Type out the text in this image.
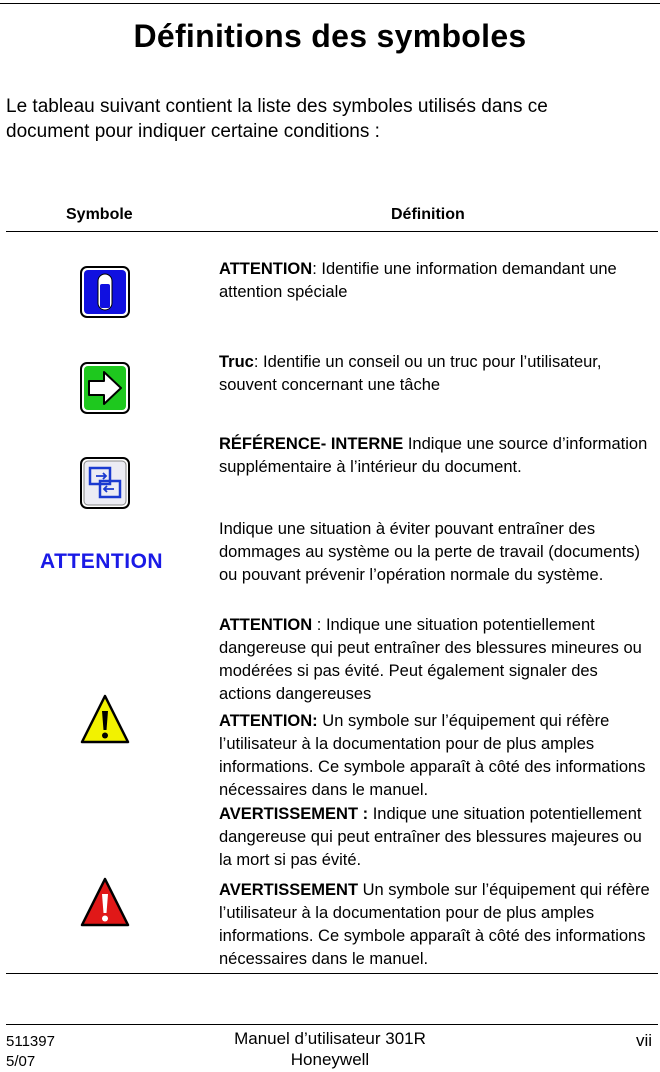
Définitions des symboles
Le tableau suivant contient la liste des symboles utilisés dans ce document pour indiquer certaine conditions :
Symbole	Définition
ATTENTION: Identifie une information demandant une attention spéciale
Truc: Identifie un conseil ou un truc pour l’utilisateur, souvent concernant une tâche
RÉFÉRENCE- INTERNE Indique une source d’information supplémentaire à l’intérieur du document.
ATTENTION
Indique une situation à éviter pouvant entraîner des dommages au système ou la perte de travail (documents) ou pouvant prévenir l’opération normale du système.
ATTENTION : Indique une situation potentiellement dangereuse qui peut entraîner des blessures mineures ou modérées si pas évité. Peut également signaler des actions dangereuses
ATTENTION: Un symbole sur l’équipement qui réfère l’utilisateur à la documentation pour de plus amples informations. Ce symbole apparaît à côté des informations nécessaires dans le manuel.
AVERTISSEMENT : Indique une situation potentiellement dangereuse qui peut entraîner des blessures majeures ou la mort si pas évité.
AVERTISSEMENT Un symbole sur l’équipement qui réfère l’utilisateur à la documentation pour de plus amples informations. Ce symbole apparaît à côté des informations nécessaires dans le manuel.
511397
5/07
Manuel d’utilisateur 301R
Honeywell
vii
